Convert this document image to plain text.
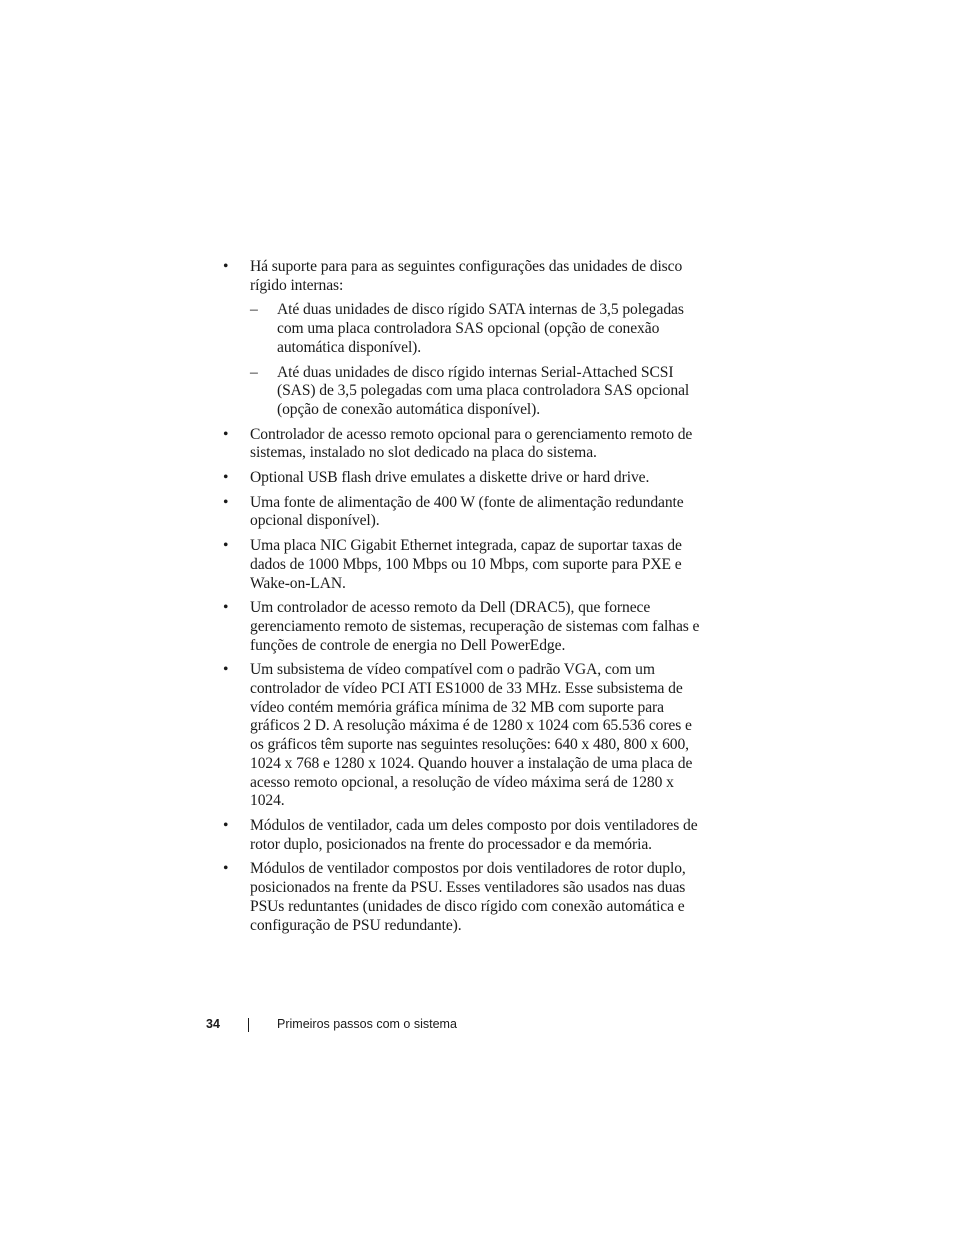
• Há suporte para para as seguintes configurações das unidades de disco rígido internas:
– Até duas unidades de disco rígido SATA internas de 3,5 polegadas com uma placa controladora SAS opcional (opção de conexão automática disponível).
– Até duas unidades de disco rígido internas Serial-Attached SCSI (SAS) de 3,5 polegadas com uma placa controladora SAS opcional (opção de conexão automática disponível).
• Controlador de acesso remoto opcional para o gerenciamento remoto de sistemas, instalado no slot dedicado na placa do sistema.
• Optional USB flash drive emulates a diskette drive or hard drive.
• Uma fonte de alimentação de 400 W (fonte de alimentação redundante opcional disponível).
• Uma placa NIC Gigabit Ethernet integrada, capaz de suportar taxas de dados de 1000 Mbps, 100 Mbps ou 10 Mbps, com suporte para PXE e Wake-on-LAN.
• Um controlador de acesso remoto da Dell (DRAC5), que fornece gerenciamento remoto de sistemas, recuperação de sistemas com falhas e funções de controle de energia no Dell PowerEdge.
• Um subsistema de vídeo compatível com o padrão VGA, com um controlador de vídeo PCI ATI ES1000 de 33 MHz. Esse subsistema de vídeo contém memória gráfica mínima de 32 MB com suporte para gráficos 2 D. A resolução máxima é de 1280 x 1024 com 65.536 cores e os gráficos têm suporte nas seguintes resoluções: 640 x 480, 800 x 600, 1024 x 768 e 1280 x 1024. Quando houver a instalação de uma placa de acesso remoto opcional, a resolução de vídeo máxima será de 1280 x 1024.
• Módulos de ventilador, cada um deles composto por dois ventiladores de rotor duplo, posicionados na frente do processador e da memória.
• Módulos de ventilador compostos por dois ventiladores de rotor duplo, posicionados na frente da PSU. Esses ventiladores são usados nas duas PSUs reduntantes (unidades de disco rígido com conexão automática e configuração de PSU redundante).
34	Primeiros passos com o sistema
